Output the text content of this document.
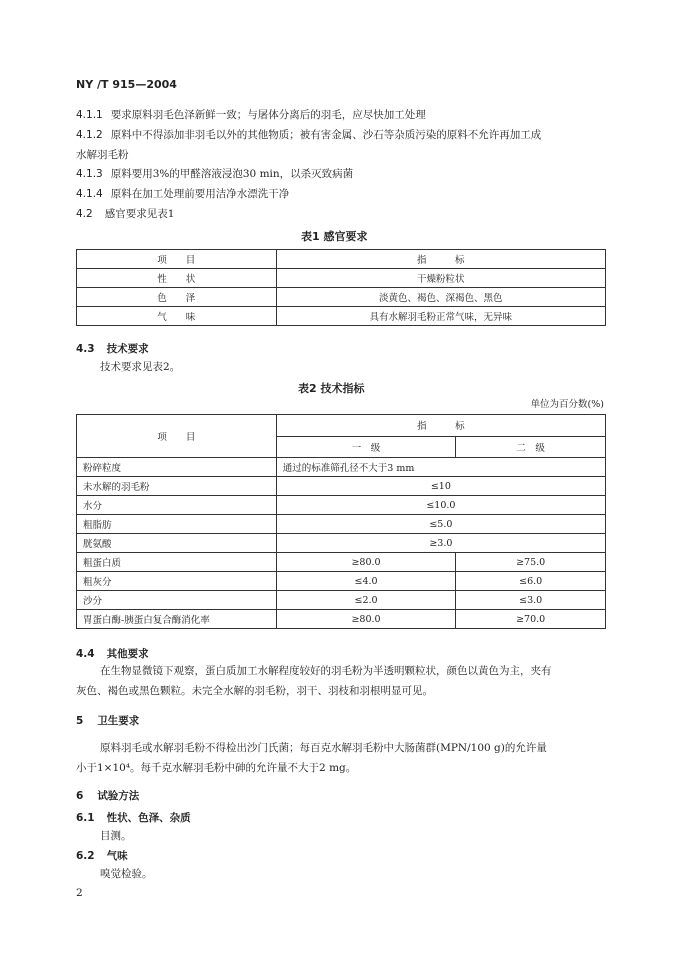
NY /T 915—2004
4.1.1 要求原料羽毛色泽新鲜一致；与屠体分离后的羽毛，应尽快加工处理
4.1.2 原料中不得添加非羽毛以外的其他物质；被有害金属、沙石等杂质污染的原料不允许再加工成
水解羽毛粉
4.1.3 原料要用3%的甲醛溶液浸泡30 min，以杀灭致病菌
4.1.4 原料在加工处理前要用洁净水漂洗干净
4.2 感官要求见表1
表1 感官要求
项　　目	指　　　标
性　　状	干燥粉粒状
色　　泽	淡黄色、褐色、深褐色、黑色
气　　味	具有水解羽毛粉正常气味，无异味
4.3 技术要求
技术要求见表2。
表2 技术指标
单位为百分数(%)
项　　目	指　　　标	
	一　级	二　级
粉碎粒度	通过的标准筛孔径不大于3 mm	
未水解的羽毛粉	≤10	
水分	≤10.0	
粗脂肪	≤5.0	
胱氨酸	≥3.0	
粗蛋白质	≥80.0	≥75.0
粗灰分	≤4.0	≤6.0
沙分	≤2.0	≤3.0
胃蛋白酶-胰蛋白复合酶消化率	≥80.0	≥70.0
4.4 其他要求
在生物显微镜下观察，蛋白质加工水解程度较好的羽毛粉为半透明颗粒状，颜色以黄色为主，夹有
灰色、褐色或黑色颗粒。未完全水解的羽毛粉，羽干、羽枝和羽根明显可见。
5 卫生要求
原料羽毛或水解羽毛粉不得检出沙门氏菌；每百克水解羽毛粉中大肠菌群(MPN/100 g)的允许量
小于1×10⁴。每千克水解羽毛粉中砷的允许量不大于2 mg。
6 试验方法
6.1 性状、色泽、杂质
目测。
6.2 气味
嗅觉检验。
2
